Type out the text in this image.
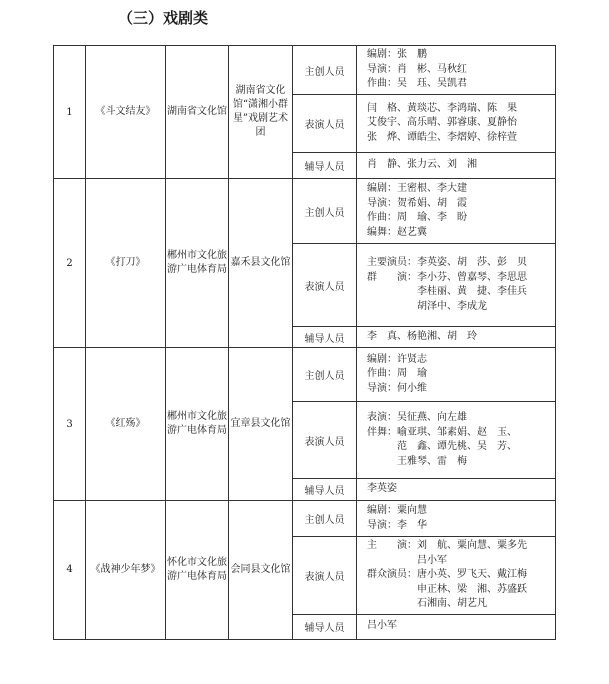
（三）戏剧类
1	《斗文结友》	湖南省文化馆	湖南省文化馆“潇湘小群星”戏剧艺术团	主创人员	编剧：张　鹏
导演：肖　彬、马秋红
作曲：吴　珏、吴凯君

				表演人员	闫　格、黄琰芯、李鸿瑞、陈　果
艾俊宇、高乐晴、郭睿康、夏静怡
张　烨、谭皓尘、李熠婷、徐梓萱

				辅导人员	肖　静、张力云、刘　湘

2	《打刀》	郴州市文化旅游广电体育局	嘉禾县文化馆	主创人员	编剧：王密根、李大建
导演：贺希娟、胡　霞
作曲：周　瑜、李　盼
编舞：赵艺冀

				表演人员	主要演员：李英姿、胡　莎、彭　贝
群　　演：李小芬、曾嘉琴、李思思
　　　　　李桂丽、黄　捷、李佳兵
　　　　　胡泽中、李成龙

				辅导人员	李　真、杨艳湘、胡　玲

3	《红殇》	郴州市文化旅游广电体育局	宜章县文化馆	主创人员	编剧：许贤志
作曲：周　瑜
导演：何小维

				表演人员	表演：吴征燕、向左雄
伴舞：喻亚琪、邹素娟、赵　玉、
　　　范　鑫、谭先桃、吴　芳、
　　　王雅琴、雷　梅

				辅导人员	李英姿

4	《战神少年梦》	怀化市文化旅游广电体育局	会同县文化馆	主创人员	编剧：粟向慧
导演：李　华

				表演人员	主　　演：刘　航、粟向慧、粟多先
　　　　　吕小军
群众演员：唐小英、罗飞天、戴江梅
　　　　　申正林、梁　湘、苏盛跃
　　　　　石湘南、胡艺凡

				辅导人员	吕小军
